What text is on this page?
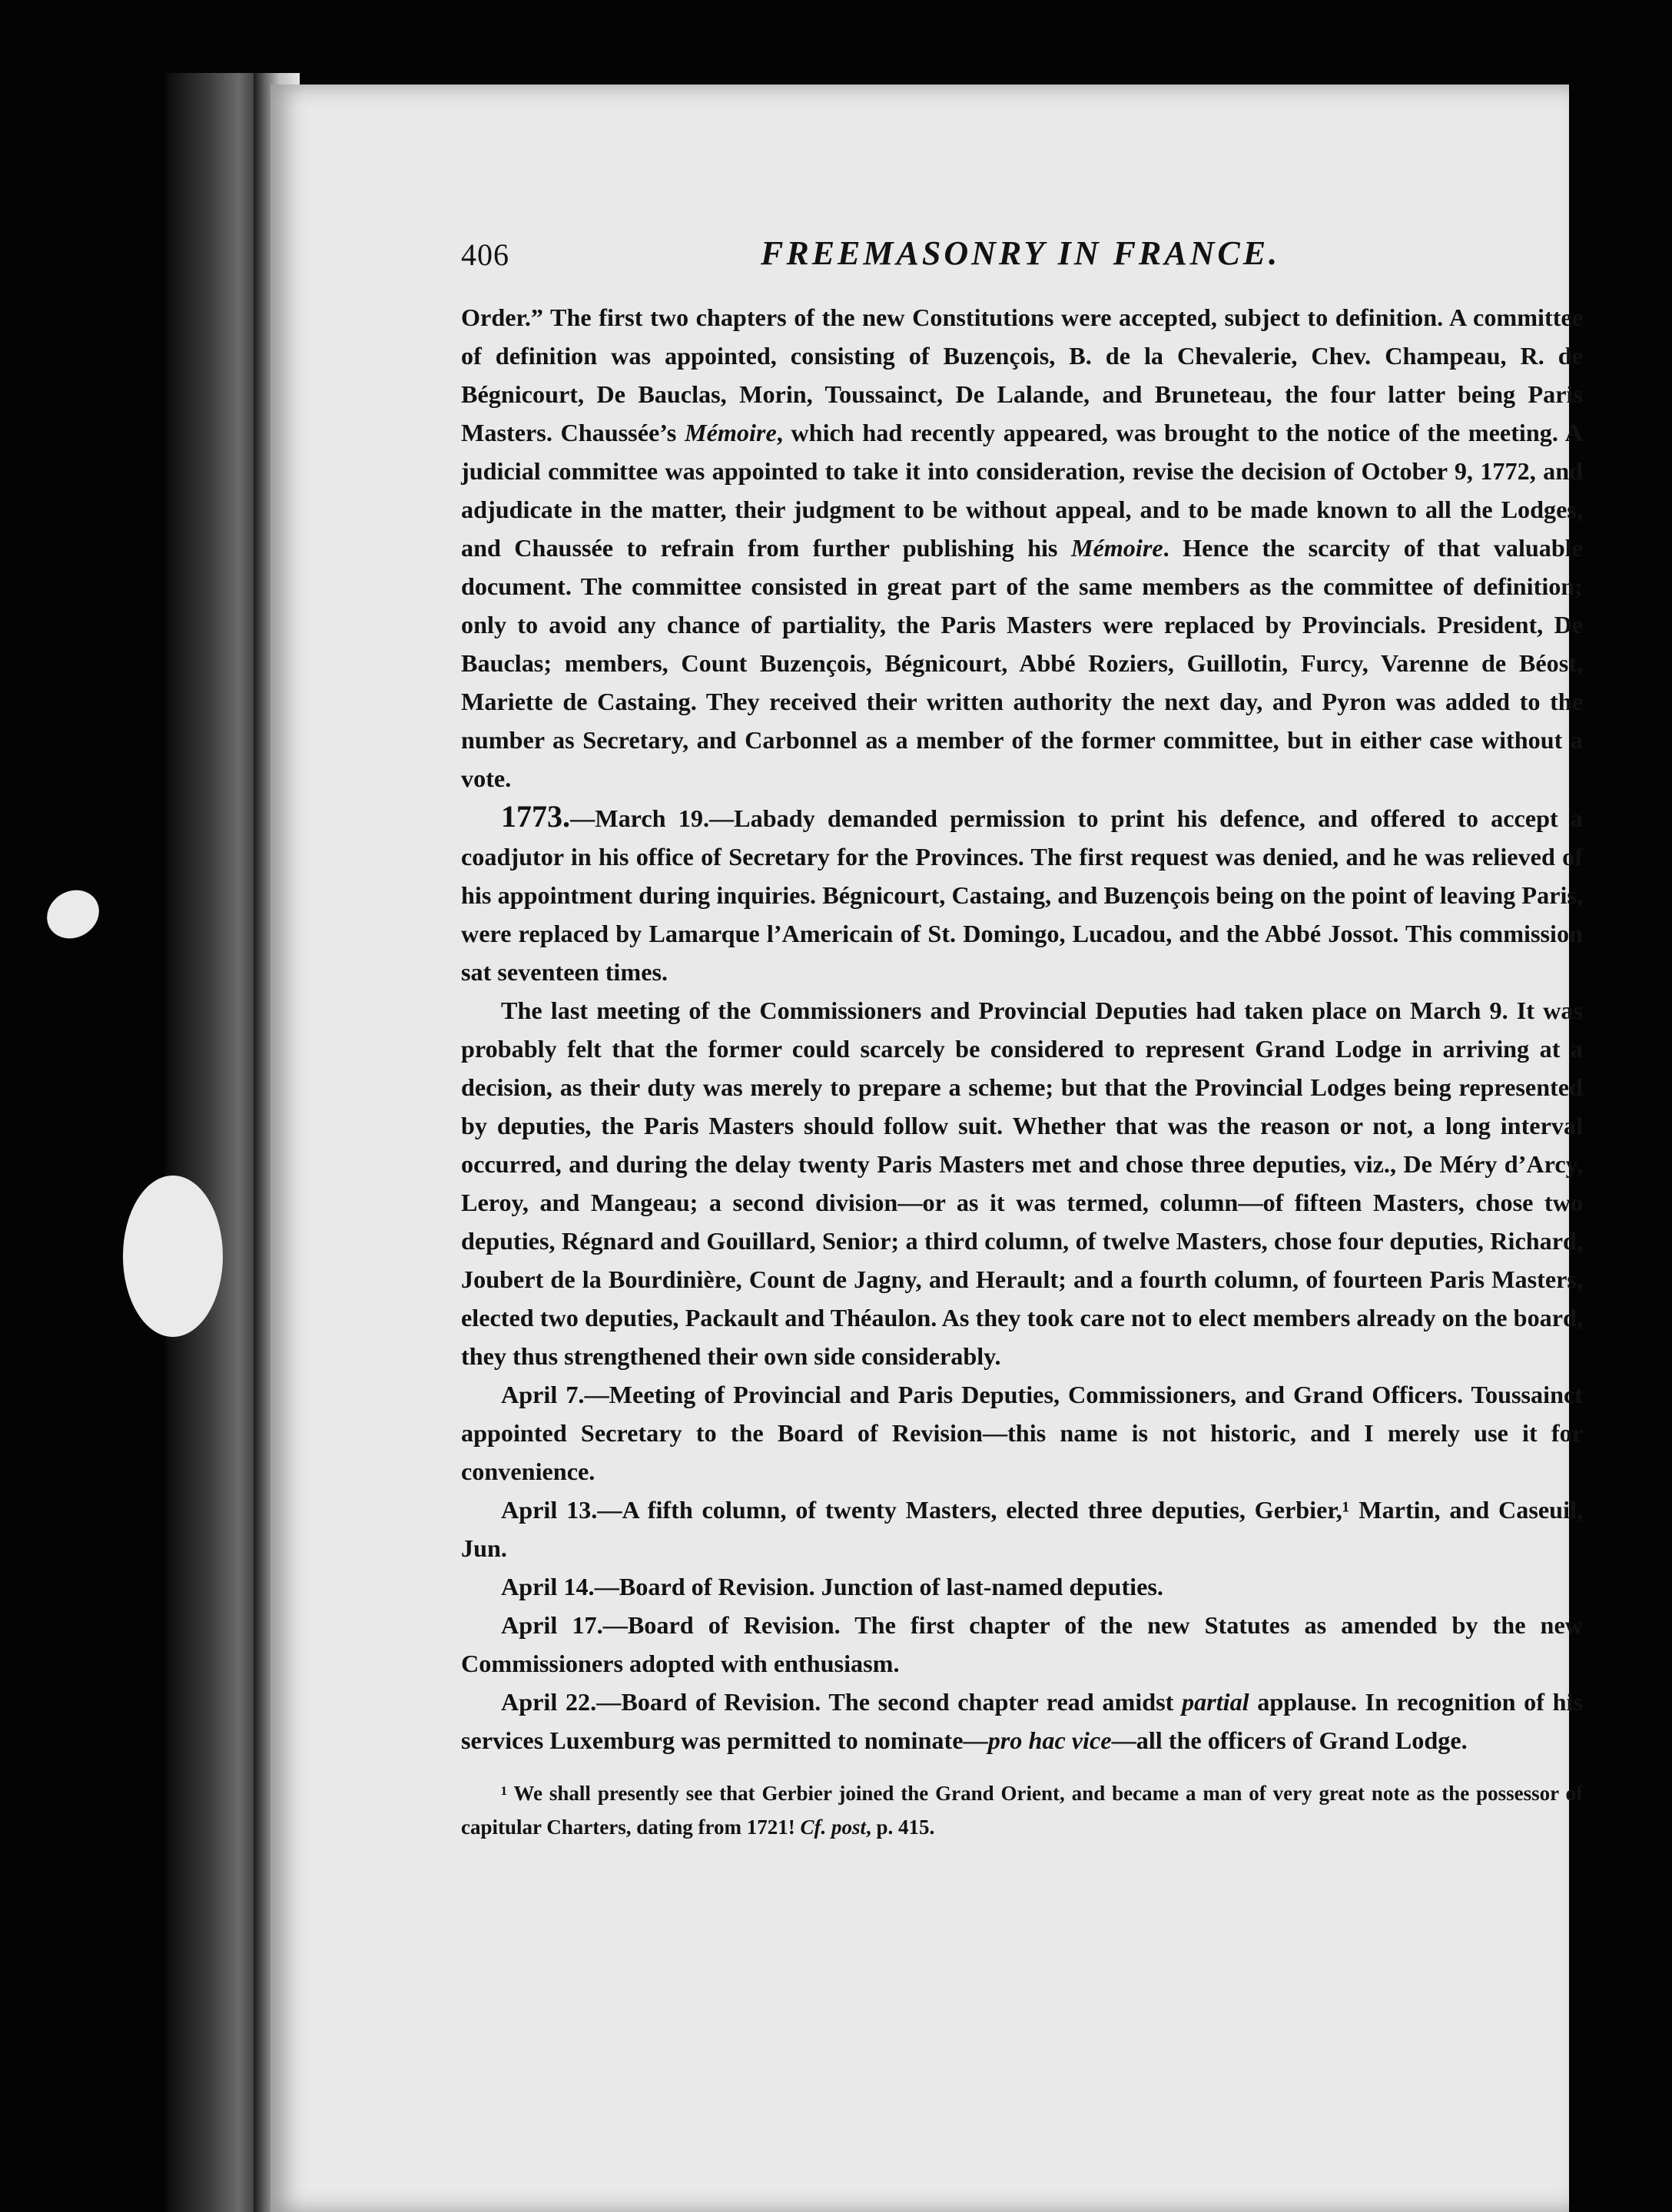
406	FREEMASONRY IN FRANCE.

Order.” The first two chapters of the new Constitutions were accepted, subject to definition. A committee of definition was appointed, consisting of Buzençois, B. de la Chevalerie, Chev. Champeau, R. de Bégnicourt, De Bauclas, Morin, Toussainct, De Lalande, and Bruneteau, the four latter being Paris Masters. Chaussée’s Mémoire, which had recently appeared, was brought to the notice of the meeting. A judicial committee was appointed to take it into consideration, revise the decision of October 9, 1772, and adjudicate in the matter, their judgment to be without appeal, and to be made known to all the Lodges, and Chaussée to refrain from further publishing his Mémoire. Hence the scarcity of that valuable document. The committee consisted in great part of the same members as the committee of definition; only to avoid any chance of partiality, the Paris Masters were replaced by Provincials. President, De Bauclas; members, Count Buzençois, Bégnicourt, Abbé Roziers, Guillotin, Furcy, Varenne de Béost, Mariette de Castaing. They received their written authority the next day, and Pyron was added to the number as Secretary, and Carbonnel as a member of the former committee, but in either case without a vote.

1773.—March 19.—Labady demanded permission to print his defence, and offered to accept a coadjutor in his office of Secretary for the Provinces. The first request was denied, and he was relieved of his appointment during inquiries. Bégnicourt, Castaing, and Buzençois being on the point of leaving Paris, were replaced by Lamarque l’Americain of St. Domingo, Lucadou, and the Abbé Jossot. This commission sat seventeen times.

The last meeting of the Commissioners and Provincial Deputies had taken place on March 9. It was probably felt that the former could scarcely be considered to represent Grand Lodge in arriving at a decision, as their duty was merely to prepare a scheme; but that the Provincial Lodges being represented by deputies, the Paris Masters should follow suit. Whether that was the reason or not, a long interval occurred, and during the delay twenty Paris Masters met and chose three deputies, viz., De Méry d’Arcy, Leroy, and Mangeau; a second division—or as it was termed, column—of fifteen Masters, chose two deputies, Régnard and Gouillard, Senior; a third column, of twelve Masters, chose four deputies, Richard, Joubert de la Bourdinière, Count de Jagny, and Herault; and a fourth column, of fourteen Paris Masters, elected two deputies, Packault and Théaulon. As they took care not to elect members already on the board, they thus strengthened their own side considerably.

April 7.—Meeting of Provincial and Paris Deputies, Commissioners, and Grand Officers. Toussainct appointed Secretary to the Board of Revision—this name is not historic, and I merely use it for convenience.

April 13.—A fifth column, of twenty Masters, elected three deputies, Gerbier,¹ Martin, and Caseuil, Jun.

April 14.—Board of Revision. Junction of last-named deputies.

April 17.—Board of Revision. The first chapter of the new Statutes as amended by the new Commissioners adopted with enthusiasm.

April 22.—Board of Revision. The second chapter read amidst partial applause. In recognition of his services Luxemburg was permitted to nominate—pro hac vice—all the officers of Grand Lodge.

¹ We shall presently see that Gerbier joined the Grand Orient, and became a man of very great note as the possessor of capitular Charters, dating from 1721! Cf. post, p. 415.
